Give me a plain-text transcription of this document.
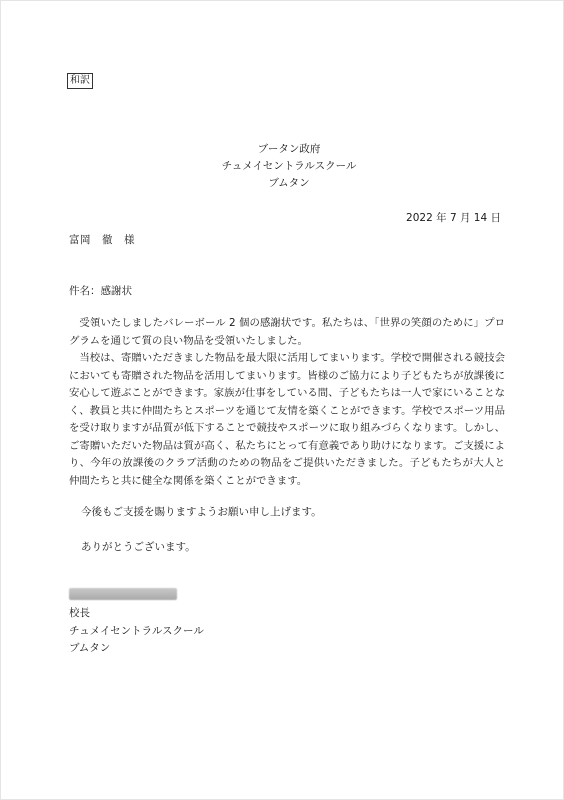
和訳
ブータン政府
チュメイセントラルスクール
ブムタン
2022 年 7 月 14 日
富岡　徹　様
件名：感謝状

受領いたしましたバレーボール 2 個の感謝状です。私たちは、「世界の笑顔のために」プログラムを通じて質の良い物品を受領いたしました。

当校は、寄贈いただきました物品を最大限に活用してまいります。学校で開催される競技会においても寄贈された物品を活用してまいります。皆様のご協力により子どもたちが放課後に安心して遊ぶことができます。家族が仕事をしている間、子どもたちは一人で家にいることなく、教員と共に仲間たちとスポーツを通じて友情を築くことができます。学校でスポーツ用品を受け取りますが品質が低下することで競技やスポーツに取り組みづらくなります。しかし、ご寄贈いただいた物品は質が高く、私たちにとって有意義であり助けになります。ご支援により、今年の放課後のクラブ活動のための物品をご提供いただきました。子どもたちが大人と仲間たちと共に健全な関係を築くことができます。

今後もご支援を賜りますようお願い申し上げます。
ありがとうございます。
校長
チュメイセントラルスクール
ブムタン
